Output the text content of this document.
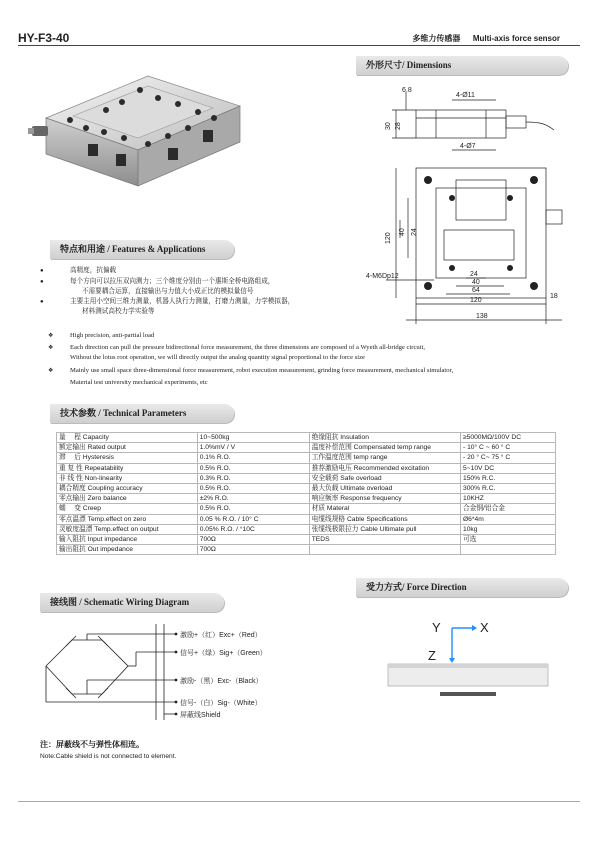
HY-F3-40	多维力传感器 Multi-axis force sensor
外形尺寸/ Dimensions
6.8
4-Ø11
30 28
4-Ø7
120
40 24
4-M6Dp12	24
40
64
120
18
138
特点和用途 / Features & Applications
●	高精度，抗偏载
●	每个方向可以拉压双向测力；三个维度分别由一个惠斯全桥电路组成，
不需要耦合运算，直接输出与力值大小成正比的模拟量信号
●	主要主用小空间三维力测量，机器人执行力测量，打磨力测量，力学模拟器，
材料测试高校力学实验等
❖	High precision, anti-partial load
❖	Each direction can pull the pressure bidirectional force measurement, the three dimensions are composed of a Wyeth all-bridge circuit,
Without the lotus root operation, we will directly output the analog quantity signal proportional to the force size
❖	Mainly use small space three-dimensional force measurement, robot execution measurement, grinding force measurement, mechanical simulator,
Material test university mechanical experiments, etc
技术参数 / Technical Parameters
量　 程 Capacity	10~500kg	绝缘阻抗 Insulation	≥5000MΩ/100V DC
额定输出 Rated output	1.0%mV / V	温度补偿范围 Compensated temp range	- 10° C ~ 60 ° C
滞　 后 Hysteresis	0.1% R.O.	工作温度范围 temp range	- 20 ° C~ 75 ° C
重 复 性 Repeatability	0.5% R.O.	推荐激励电压 Recommended excitation	5~10V DC
非 线 性 Non-linearity	0.3% R.O.	安全载荷 Safe overload	150% R.C.
耦合精度 Coupling accuracy	0.5% R.O.	最大负载 Ultimate overload	300% R.C.
零点输出 Zero balance	±2% R.O.	响应频率 Response frequency	10KHZ
蠕　 变 Creep	0.5% R.O.	材质 Materal	合金钢/铝合金
零点温漂 Temp.effect on zero	0.05 % R.O. / 10° C	电缆线规格 Cable Specifications	Ø6*4m
灵敏度温漂 Temp.effect on output	0.05% R.O. / °10C	张缆线极限拉力 Cable Ultimate pull	10kg
输入阻抗 Input impedance	700Ω	TEDS	可选
输出阻抗 Out impedance	700Ω		
受力方式/ Force Direction
Y	X
Z
接线图 / Schematic Wiring Diagram
激励+（红）Exc+（Red）
信号+（绿）Sig+（Green）
激励-（黑）Exc-（Black）
信号-（白）Sig-（White）
屏蔽线Shield
注：屏蔽线不与弹性体相连。
Note:Cable shield is not connected to element.
